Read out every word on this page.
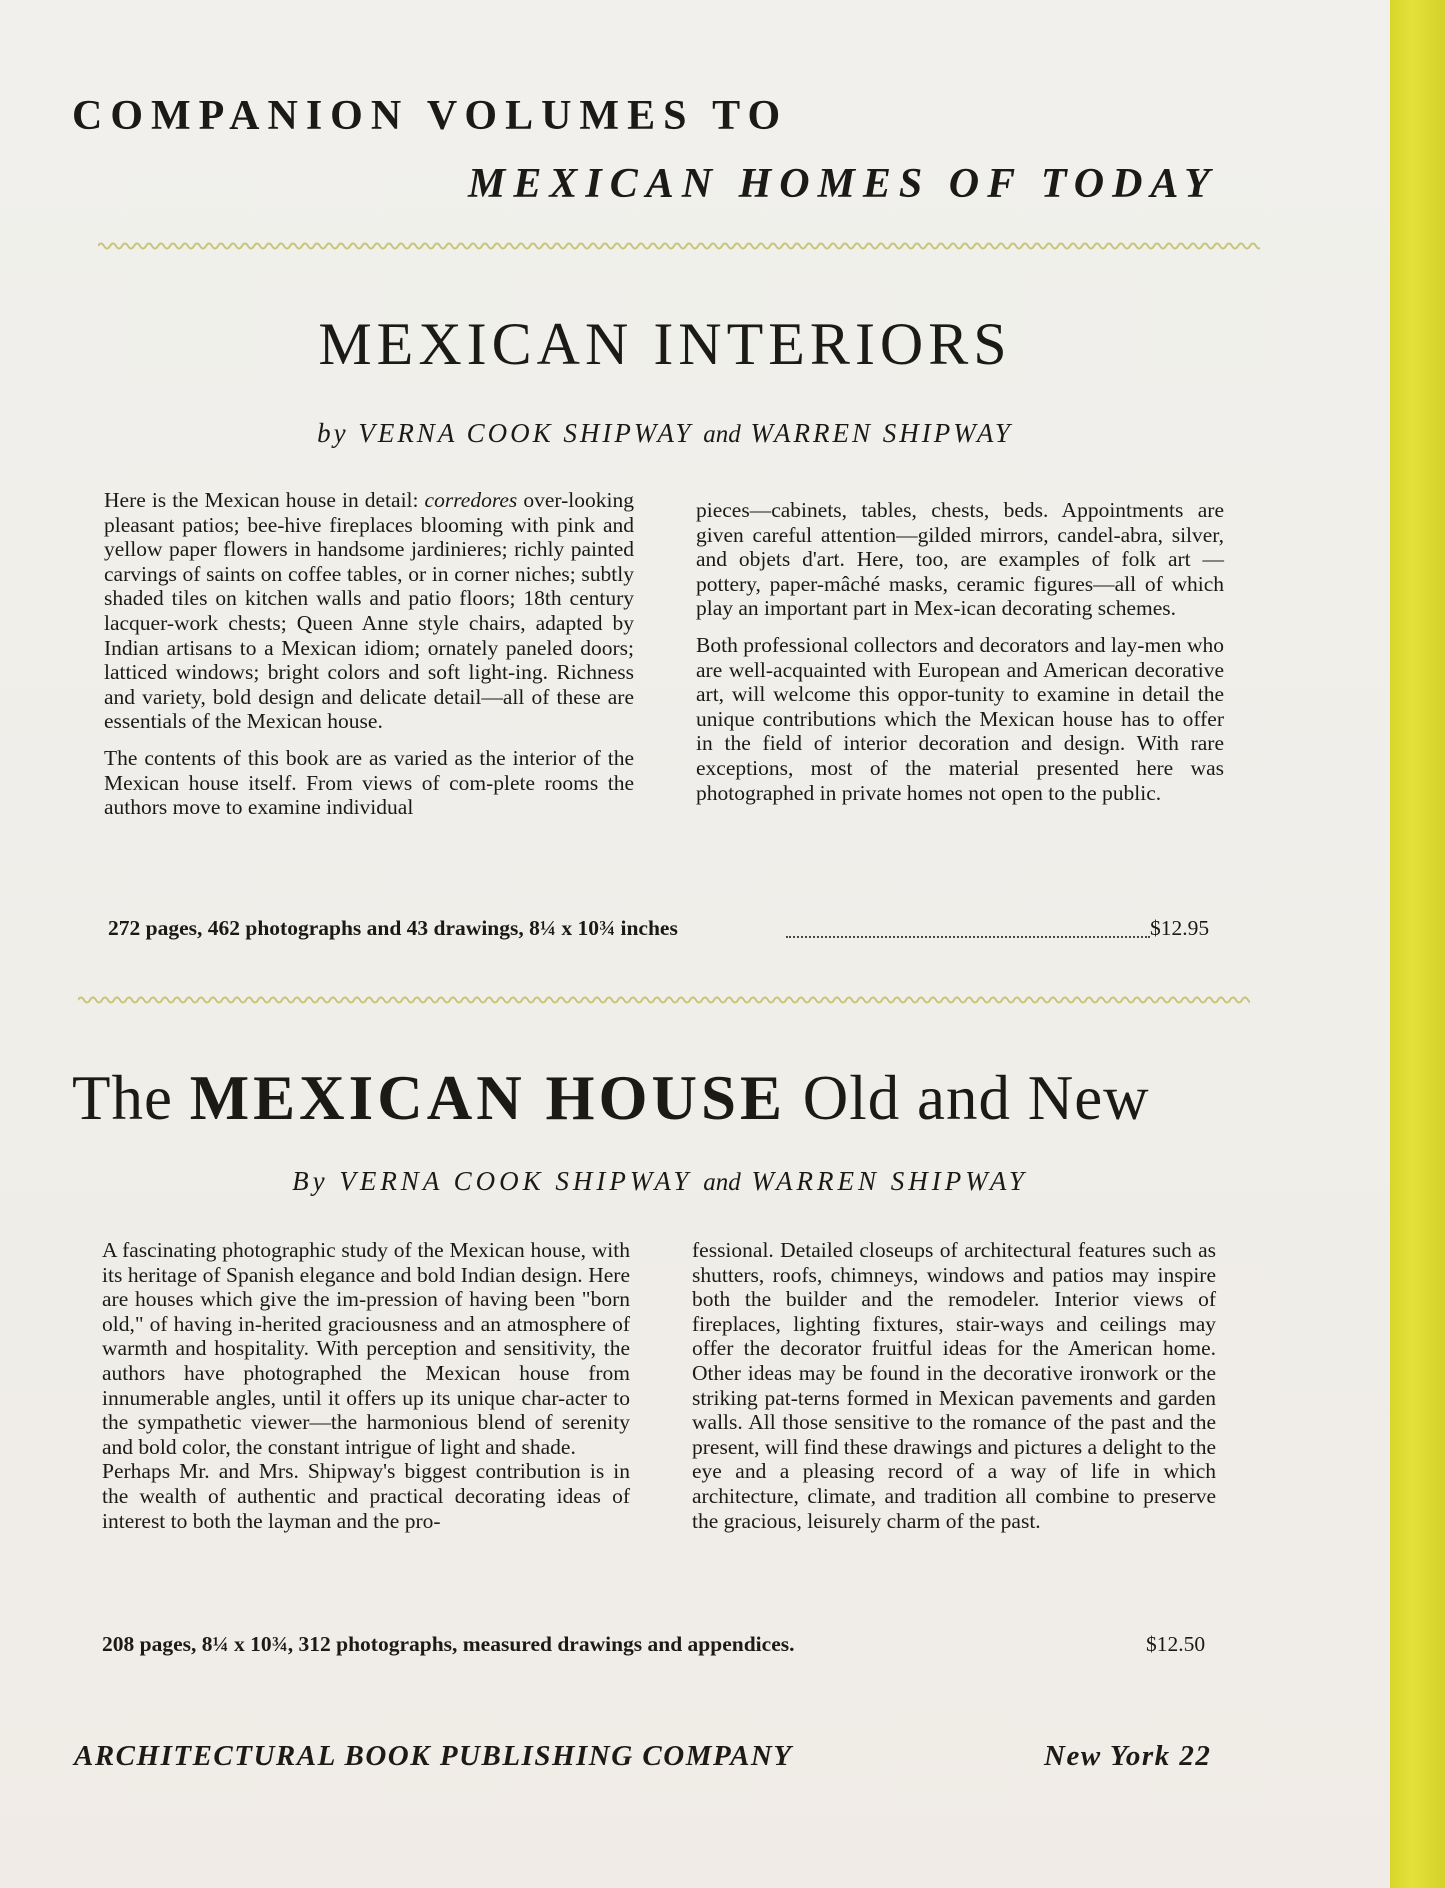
COMPANION VOLUMES TO
MEXICAN HOMES OF TODAY
MEXICAN INTERIORS
by VERNA COOK SHIPWAY and WARREN SHIPWAY

Here is the Mexican house in detail: corredores over-looking pleasant patios; bee-hive fireplaces blooming with pink and yellow paper flowers in handsome jardinieres; richly painted carvings of saints on coffee tables, or in corner niches; subtly shaded tiles on kitchen walls and patio floors; 18th century lacquer-work chests; Queen Anne style chairs, adapted by Indian artisans to a Mexican idiom; ornately paneled doors; latticed windows; bright colors and soft light-ing. Richness and variety, bold design and delicate detail—all of these are essentials of the Mexican house.

The contents of this book are as varied as the interior of the Mexican house itself. From views of com-plete rooms the authors move to examine individual

pieces—cabinets, tables, chests, beds. Appointments are given careful attention—gilded mirrors, candel-abra, silver, and objets d'art. Here, too, are examples of folk art — pottery, paper-mâché masks, ceramic figures—all of which play an important part in Mex-ican decorating schemes.

Both professional collectors and decorators and lay-men who are well-acquainted with European and American decorative art, will welcome this oppor-tunity to examine in detail the unique contributions which the Mexican house has to offer in the field of interior decoration and design. With rare exceptions, most of the material presented here was photographed in private homes not open to the public.

272 pages, 462 photographs and 43 drawings, 8¼ x 10¾ inches	$12.95
The MEXICAN HOUSE Old and New
By VERNA COOK SHIPWAY and WARREN SHIPWAY

A fascinating photographic study of the Mexican house, with its heritage of Spanish elegance and bold Indian design. Here are houses which give the im-pression of having been "born old," of having in-herited graciousness and an atmosphere of warmth and hospitality. With perception and sensitivity, the authors have photographed the Mexican house from innumerable angles, until it offers up its unique char-acter to the sympathetic viewer—the harmonious blend of serenity and bold color, the constant intrigue of light and shade.

Perhaps Mr. and Mrs. Shipway's biggest contribution is in the wealth of authentic and practical decorating ideas of interest to both the layman and the pro-

fessional. Detailed closeups of architectural features such as shutters, roofs, chimneys, windows and patios may inspire both the builder and the remodeler. Interior views of fireplaces, lighting fixtures, stair-ways and ceilings may offer the decorator fruitful ideas for the American home. Other ideas may be found in the decorative ironwork or the striking pat-terns formed in Mexican pavements and garden walls. All those sensitive to the romance of the past and the present, will find these drawings and pictures a delight to the eye and a pleasing record of a way of life in which architecture, climate, and tradition all combine to preserve the gracious, leisurely charm of the past.

208 pages, 8¼ x 10¾, 312 photographs, measured drawings and appendices.	$12.50
ARCHITECTURAL BOOK PUBLISHING COMPANY	New York 22
